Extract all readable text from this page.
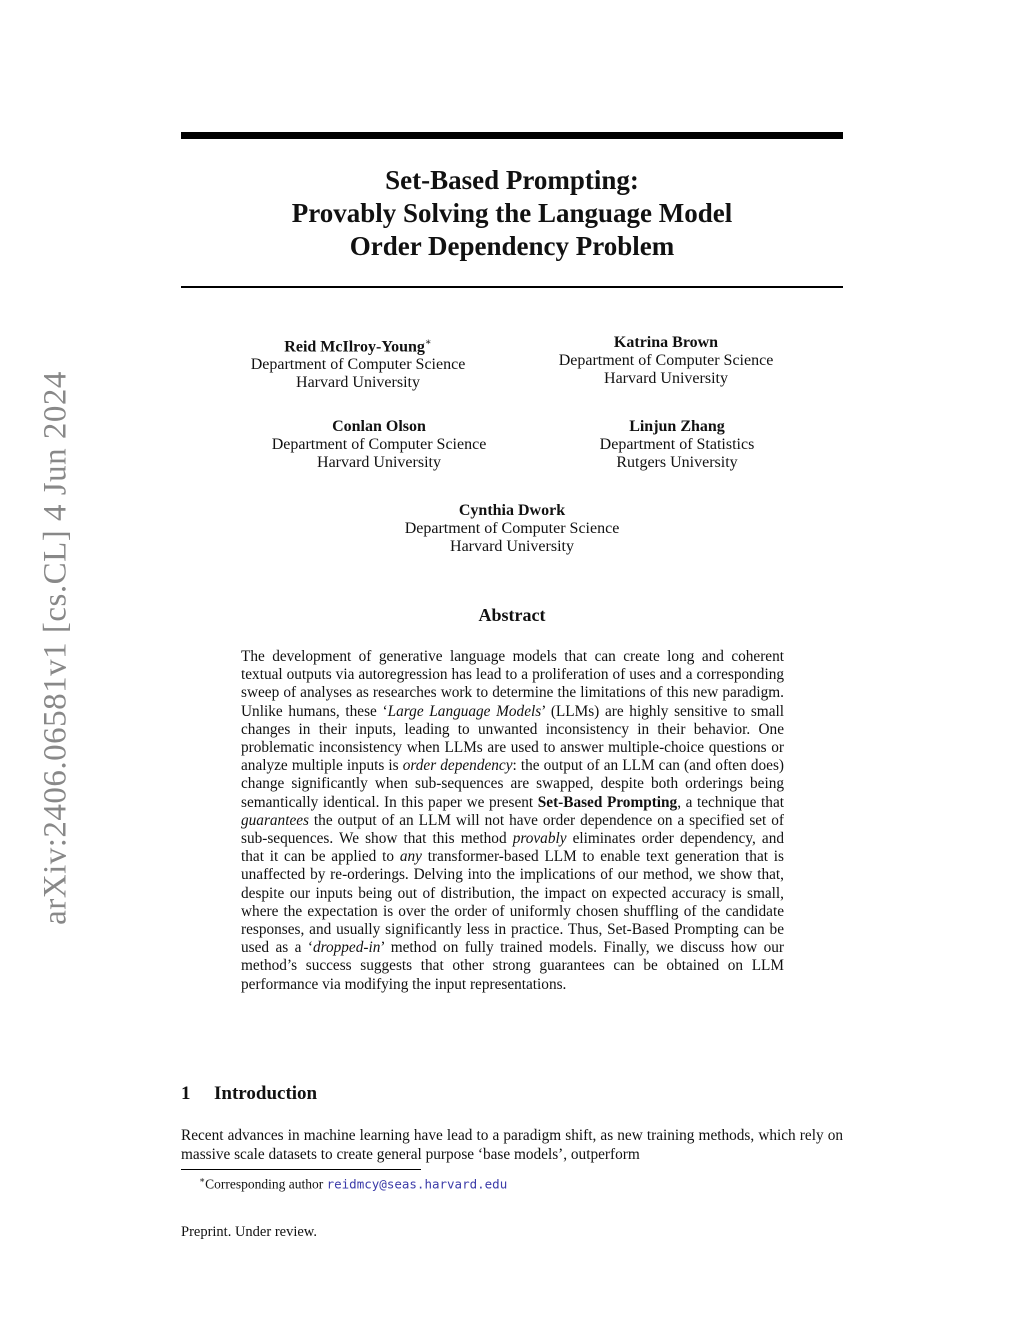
arXiv:2406.06581v1 [cs.CL] 4 Jun 2024
Set-Based Prompting:
Provably Solving the Language Model
Order Dependency Problem
Reid McIlroy-Young∗
Department of Computer Science
Harvard University
Katrina Brown
Department of Computer Science
Harvard University
Conlan Olson
Department of Computer Science
Harvard University
Linjun Zhang
Department of Statistics
Rutgers University
Cynthia Dwork
Department of Computer Science
Harvard University
Abstract

The development of generative language models that can create long and coherent textual outputs via autoregression has lead to a proliferation of uses and a corresponding sweep of analyses as researches work to determine the limitations of this new paradigm. Unlike humans, these ‘Large Language Models’ (LLMs) are highly sensitive to small changes in their inputs, leading to unwanted inconsistency in their behavior. One problematic inconsistency when LLMs are used to answer multiple-choice questions or analyze multiple inputs is order dependency: the output of an LLM can (and often does) change significantly when sub-sequences are swapped, despite both orderings being semantically identical. In this paper we present Set-Based Prompting, a technique that guarantees the output of an LLM will not have order dependence on a specified set of sub-sequences. We show that this method provably eliminates order dependency, and that it can be applied to any transformer-based LLM to enable text generation that is unaffected by re-orderings. Delving into the implications of our method, we show that, despite our inputs being out of distribution, the impact on expected accuracy is small, where the expectation is over the order of uniformly chosen shuffling of the candidate responses, and usually significantly less in practice. Thus, Set-Based Prompting can be used as a ‘dropped-in’ method on fully trained models. Finally, we discuss how our method’s success suggests that other strong guarantees can be obtained on LLM performance via modifying the input representations.

1 Introduction

Recent advances in machine learning have lead to a paradigm shift, as new training methods, which rely on massive scale datasets to create general purpose ‘base models’, outperform

∗Corresponding author reidmcy@seas.harvard.edu
Preprint. Under review.
